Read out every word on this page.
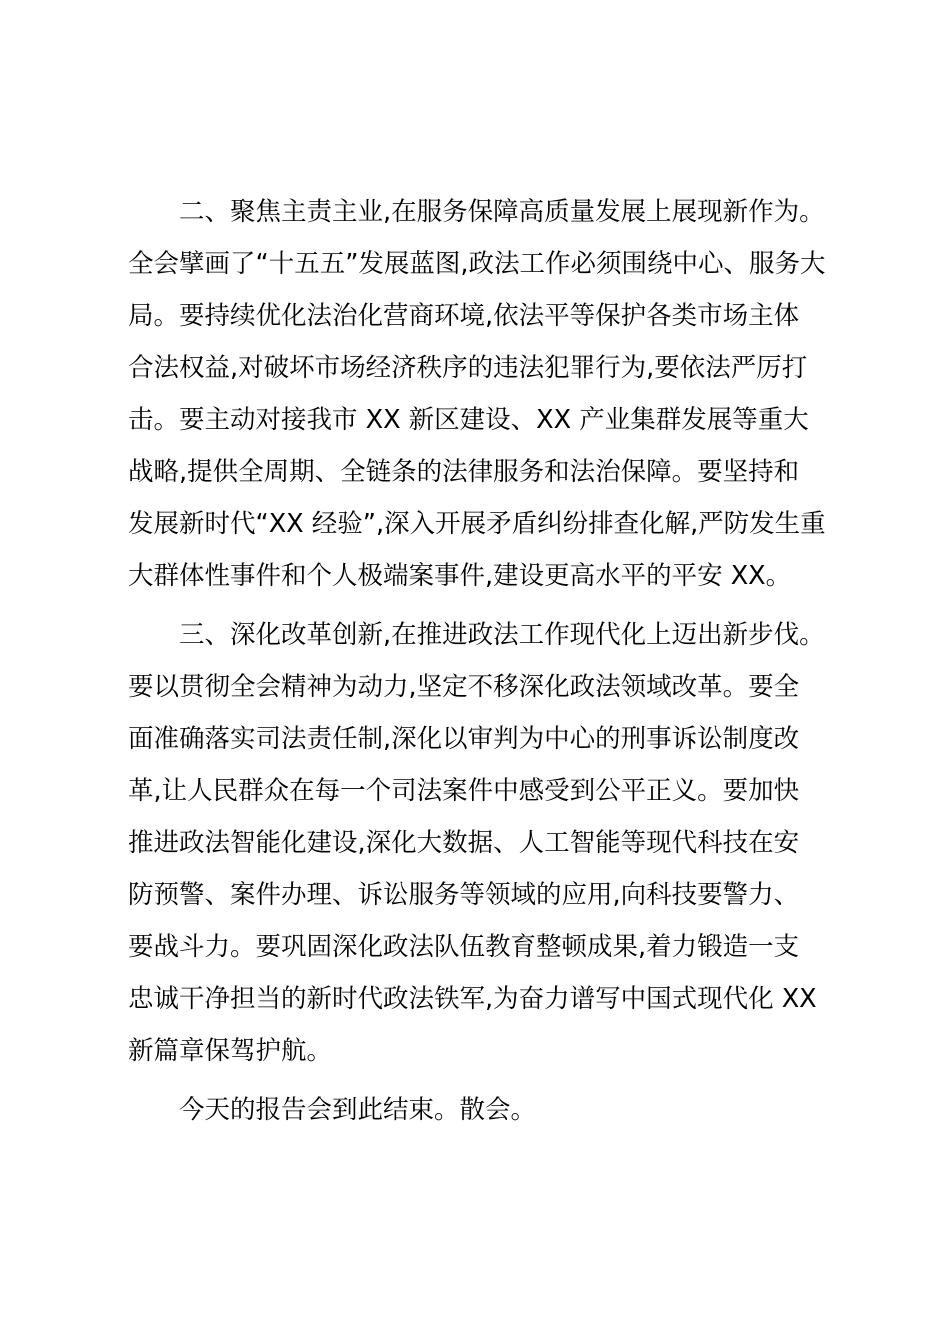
二、聚焦主责主业,在服务保障高质量发展上展现新作为。
全会擘画了“十五五”发展蓝图,政法工作必须围绕中心、服务大
局。要持续优化法治化营商环境,依法平等保护各类市场主体
合法权益,对破坏市场经济秩序的违法犯罪行为,要依法严厉打
击。要主动对接我市 XX 新区建设、XX 产业集群发展等重大
战略,提供全周期、全链条的法律服务和法治保障。要坚持和
发展新时代“XX 经验”,深入开展矛盾纠纷排查化解,严防发生重
大群体性事件和个人极端案事件,建设更高水平的平安 XX。
三、深化改革创新,在推进政法工作现代化上迈出新步伐。
要以贯彻全会精神为动力,坚定不移深化政法领域改革。要全
面准确落实司法责任制,深化以审判为中心的刑事诉讼制度改
革,让人民群众在每一个司法案件中感受到公平正义。要加快
推进政法智能化建设,深化大数据、人工智能等现代科技在安
防预警、案件办理、诉讼服务等领域的应用,向科技要警力、
要战斗力。要巩固深化政法队伍教育整顿成果,着力锻造一支
忠诚干净担当的新时代政法铁军,为奋力谱写中国式现代化 XX
新篇章保驾护航。
今天的报告会到此结束。散会。
